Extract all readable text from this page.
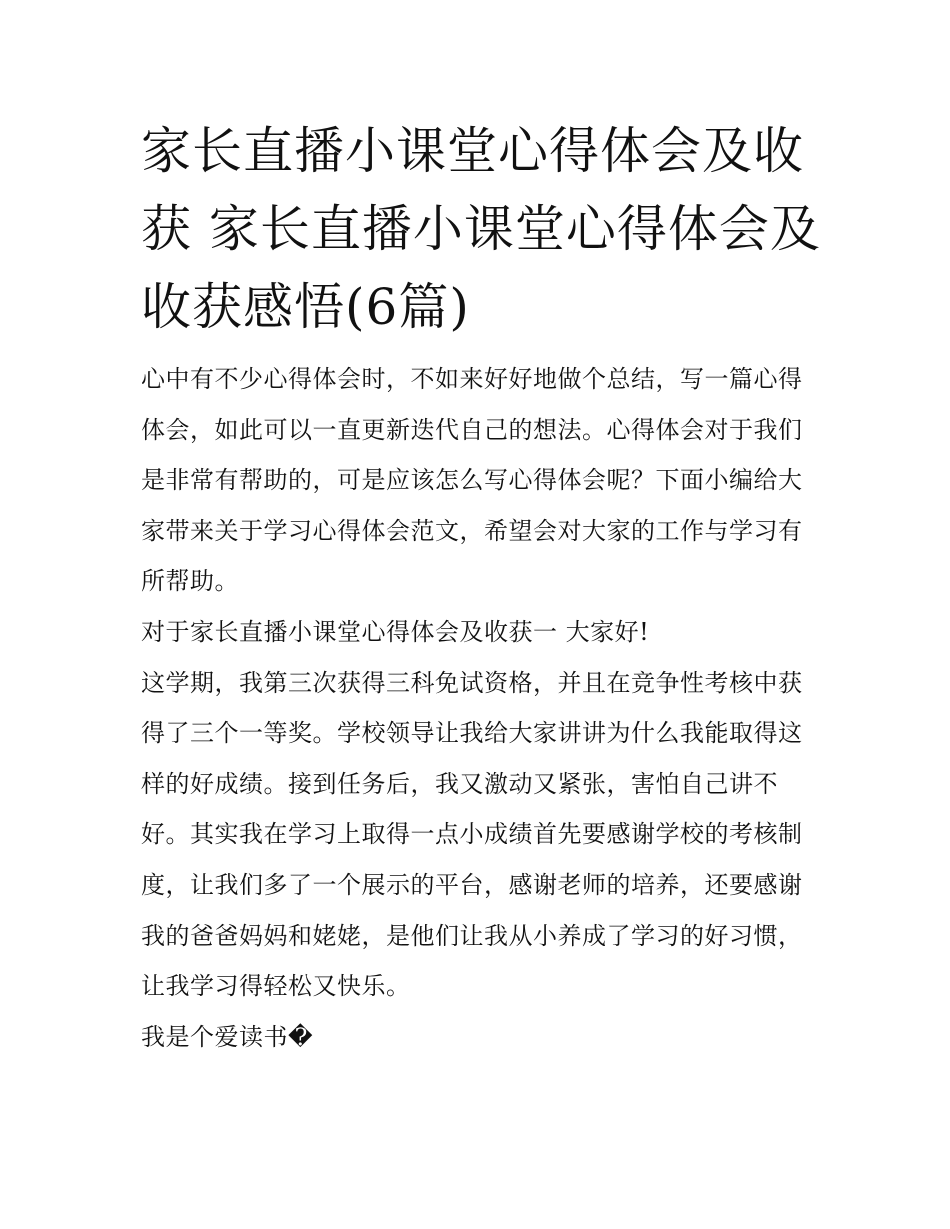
家长直播小课堂心得体会及收获 家长直播小课堂心得体会及收获感悟(6篇)

心中有不少心得体会时，不如来好好地做个总结，写一篇心得体会，如此可以一直更新迭代自己的想法。心得体会对于我们是非常有帮助的，可是应该怎么写心得体会呢？下面小编给大家带来关于学习心得体会范文，希望会对大家的工作与学习有所帮助。

对于家长直播小课堂心得体会及收获一 大家好!

这学期，我第三次获得三科免试资格，并且在竞争性考核中获得了三个一等奖。学校领导让我给大家讲讲为什么我能取得这样的好成绩。接到任务后，我又激动又紧张，害怕自己讲不好。其实我在学习上取得一点小成绩首先要感谢学校的考核制度，让我们多了一个展示的平台，感谢老师的培养，还要感谢我的爸爸妈妈和姥姥，是他们让我从小养成了学习的好习惯，让我学习得轻松又快乐。

我是个爱读书�
